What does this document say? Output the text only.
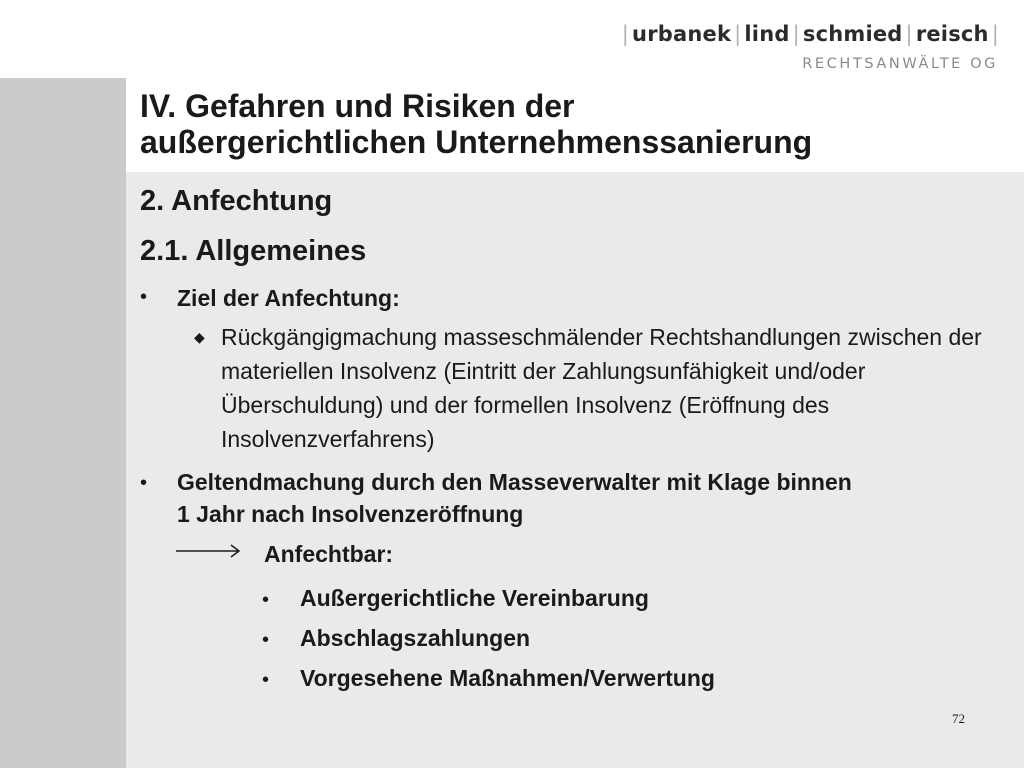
| urbanek | lind | schmied | reisch |
RECHTSANWÄLTE OG
IV. Gefahren und Risiken der
außergerichtlichen Unternehmenssanierung
2. Anfechtung
2.1. Allgemeines
• Ziel der Anfechtung:
◆ Rückgängigmachung masseschmälender Rechtshandlungen zwischen der materiellen Insolvenz (Eintritt der Zahlungsunfähigkeit und/oder Überschuldung) und der formellen Insolvenz (Eröffnung des Insolvenzverfahrens)
• Geltendmachung durch den Masseverwalter mit Klage binnen
1 Jahr nach Insolvenzeröffnung
Anfechtbar:
• Außergerichtliche Vereinbarung
• Abschlagszahlungen
• Vorgesehene Maßnahmen/Verwertung
72
